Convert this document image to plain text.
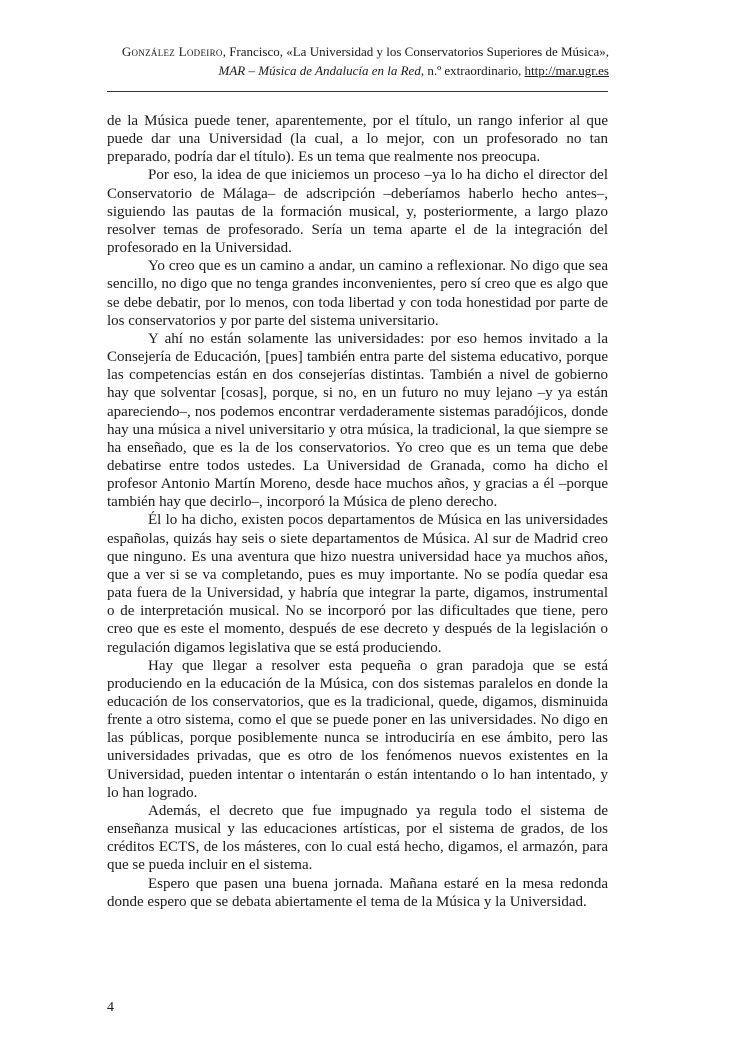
González Lodeiro, Francisco, «La Universidad y los Conservatorios Superiores de Música»,
MAR – Música de Andalucía en la Red, n.º extraordinario, http://mar.ugr.es

de la Música puede tener, aparentemente, por el título, un rango inferior al que puede dar una Universidad (la cual, a lo mejor, con un profesorado no tan preparado, podría dar el título). Es un tema que realmente nos preocupa.

Por eso, la idea de que iniciemos un proceso –ya lo ha dicho el director del Conservatorio de Málaga– de adscripción –deberíamos haberlo hecho antes–, siguiendo las pautas de la formación musical, y, posteriormente, a largo plazo resolver temas de profesorado. Sería un tema aparte el de la integración del profesorado en la Universidad.

Yo creo que es un camino a andar, un camino a reflexionar. No digo que sea sencillo, no digo que no tenga grandes inconvenientes, pero sí creo que es algo que se debe debatir, por lo menos, con toda libertad y con toda honestidad por parte de los conservatorios y por parte del sistema universitario.

Y ahí no están solamente las universidades: por eso hemos invitado a la Consejería de Educación, [pues] también entra parte del sistema educativo, porque las competencias están en dos consejerías distintas. También a nivel de gobierno hay que solventar [cosas], porque, si no, en un futuro no muy lejano –y ya están apareciendo–, nos podemos encontrar verdaderamente sistemas paradójicos, donde hay una música a nivel universitario y otra música, la tradicional, la que siempre se ha enseñado, que es la de los conservatorios. Yo creo que es un tema que debe debatirse entre todos ustedes. La Universidad de Granada, como ha dicho el profesor Antonio Martín Moreno, desde hace muchos años, y gracias a él –porque también hay que decirlo–, incorporó la Música de pleno derecho.

Él lo ha dicho, existen pocos departamentos de Música en las universidades españolas, quizás hay seis o siete departamentos de Música. Al sur de Madrid creo que ninguno. Es una aventura que hizo nuestra universidad hace ya muchos años, que a ver si se va completando, pues es muy importante. No se podía quedar esa pata fuera de la Universidad, y habría que integrar la parte, digamos, instrumental o de interpretación musical. No se incorporó por las dificultades que tiene, pero creo que es este el momento, después de ese decreto y después de la legislación o regulación digamos legislativa que se está produciendo.

Hay que llegar a resolver esta pequeña o gran paradoja que se está produciendo en la educación de la Música, con dos sistemas paralelos en donde la educación de los conservatorios, que es la tradicional, quede, digamos, disminuida frente a otro sistema, como el que se puede poner en las universidades. No digo en las públicas, porque posiblemente nunca se introduciría en ese ámbito, pero las universidades privadas, que es otro de los fenómenos nuevos existentes en la Universidad, pueden intentar o intentarán o están intentando o lo han intentado, y lo han logrado.

Además, el decreto que fue impugnado ya regula todo el sistema de enseñanza musical y las educaciones artísticas, por el sistema de grados, de los créditos ECTS, de los másteres, con lo cual está hecho, digamos, el armazón, para que se pueda incluir en el sistema.

Espero que pasen una buena jornada. Mañana estaré en la mesa redonda donde espero que se debata abiertamente el tema de la Música y la Universidad.

4
